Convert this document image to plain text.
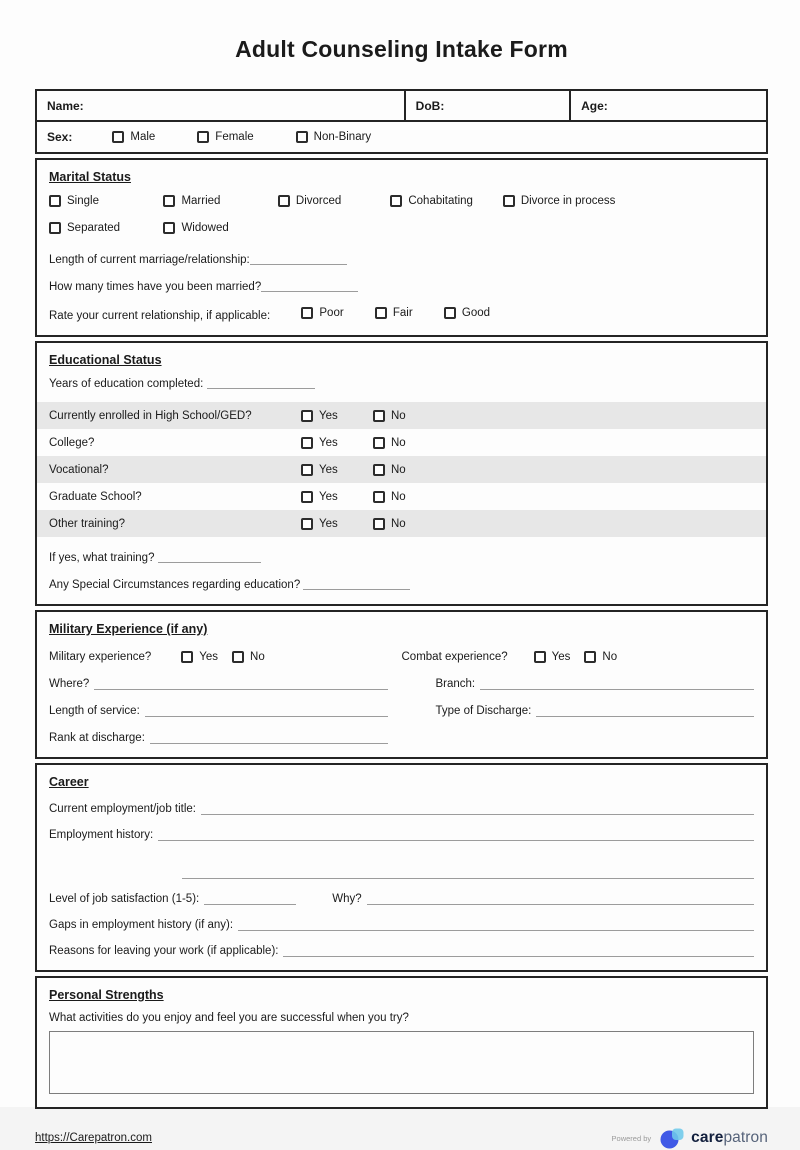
Adult Counseling Intake Form
Name:	DoB:	Age:
Sex:	Male	Female	Non-Binary
Marital Status
Single
	Married
	Divorced
	Cohabitating
	Divorce in process
Separated
	Widowed
Length of current marriage/relationship:
How many times have you been married?
Rate your current relationship, if applicable:	Poor
	Fair
	Good
Educational Status
Years of education completed:
Currently enrolled in High School/GED?	Yes	No
College?	Yes	No
Vocational?	Yes	No
Graduate School?	Yes	No
Other training?	Yes	No
If yes, what training?
Any Special Circumstances regarding education?
Military Experience (if any)
Military experience?	Yes	No	Combat experience?	Yes	No
Where?	Branch:
Length of service:	Type of Discharge:
Rank at discharge:
Career
Current employment/job title:
Employment history:
Level of job satisfaction (1-5):	Why?
Gaps in employment history (if any):
Reasons for leaving your work (if applicable):
Personal Strengths
What activities do you enjoy and feel you are successful when you try?
https://Carepatron.com	Powered by	carepatron
